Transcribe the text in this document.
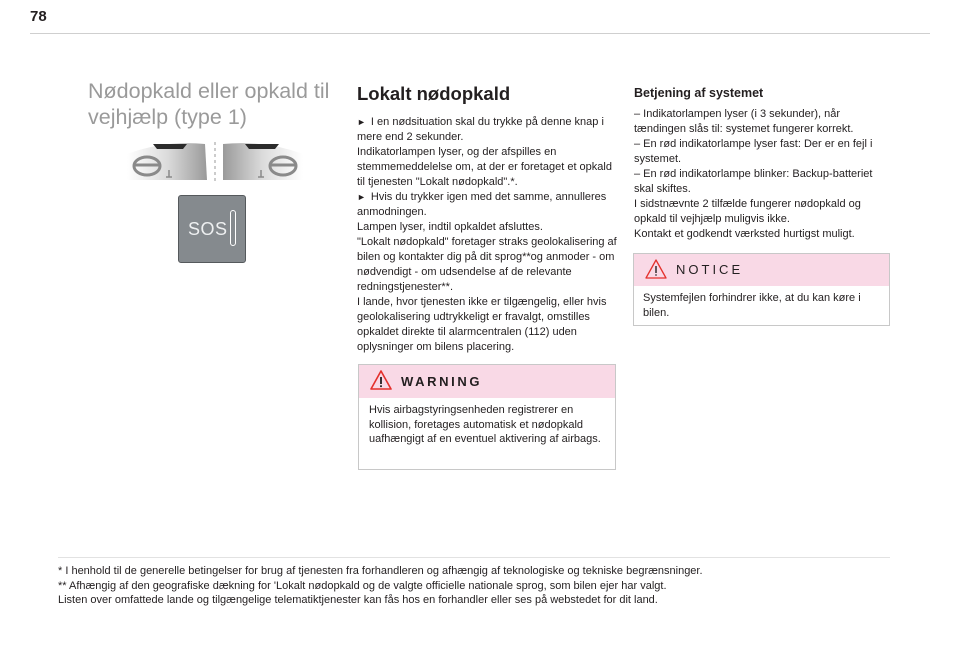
78
Nødopkald eller opkald til
vejhjælp (type 1)
SOS
Lokalt nødopkald

► I en nødsituation skal du trykke på denne knap i mere end 2 sekunder.

Indikatorlampen lyser, og der afspilles en stemmemeddelelse om, at der er foretaget et opkald til tjenesten "Lokalt nødopkald".*.

► Hvis du trykker igen med det samme, annulleres anmodningen.

Lampen lyser, indtil opkaldet afsluttes.

"Lokalt nødopkald" foretager straks geolokalisering af bilen og kontakter dig på dit sprog**og anmoder - om nødvendigt - om udsendelse af de relevante redningstjenester**.

I lande, hvor tjenesten ikke er tilgængelig, eller hvis geolokalisering udtrykkeligt er fravalgt, omstilles opkaldet direkte til alarmcentralen (112) uden oplysninger om bilens placering.

WARNING
Hvis airbagstyringsenheden registrerer en kollision, foretages automatisk et nødopkald uafhængigt af en eventuel aktivering af airbags.
Betjening af systemet

– Indikatorlampen lyser (i 3 sekunder), når tændingen slås til: systemet fungerer korrekt.

– En rød indikatorlampe lyser fast: Der er en fejl i systemet.

– En rød indikatorlampe blinker: Backup-batteriet skal skiftes.

I sidstnævnte 2 tilfælde fungerer nødopkald og opkald til vejhjælp muligvis ikke.

Kontakt et godkendt værksted hurtigst muligt.

NOTICE
Systemfejlen forhindrer ikke, at du kan køre i bilen.

* I henhold til de generelle betingelser for brug af tjenesten fra forhandleren og afhængig af teknologiske og tekniske begrænsninger.

** Afhængig af den geografiske dækning for 'Lokalt nødopkald og de valgte officielle nationale sprog, som bilen ejer har valgt.

Listen over omfattede lande og tilgængelige telematiktjenester kan fås hos en forhandler eller ses på webstedet for dit land.
